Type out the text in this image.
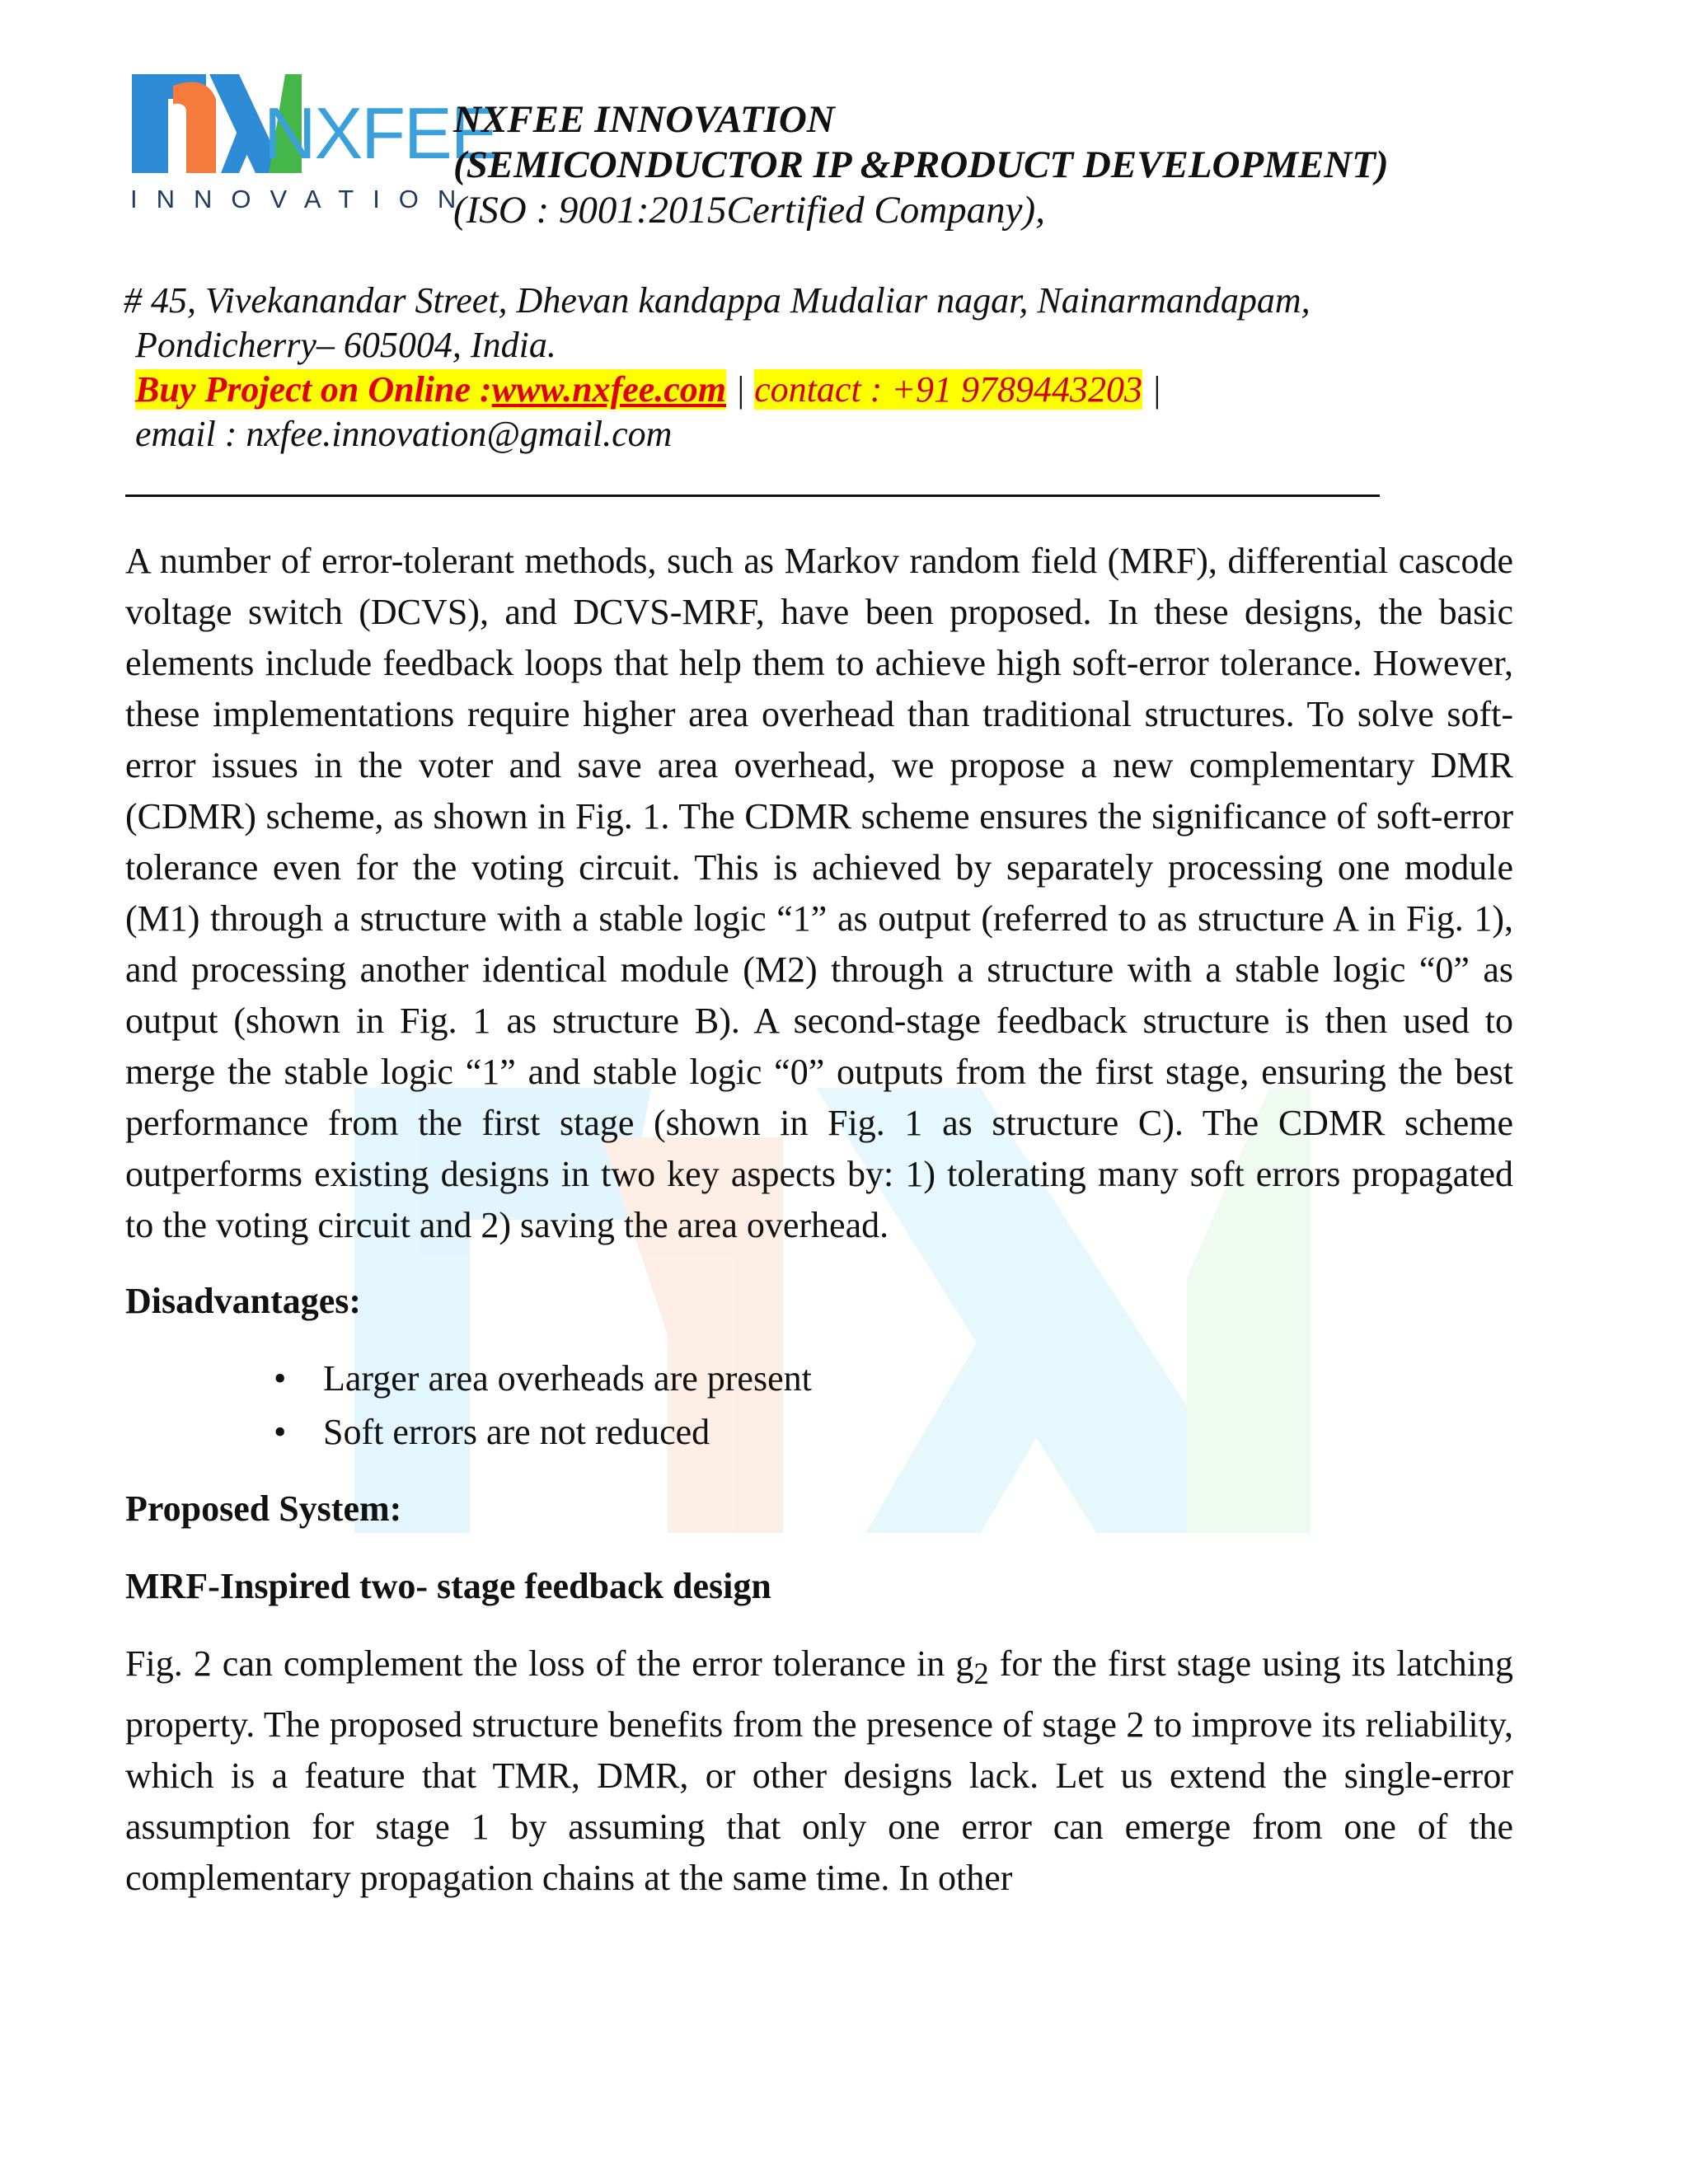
NXFEE
INNOVATION
NXFEE INNOVATION
(SEMICONDUCTOR IP &PRODUCT DEVELOPMENT)
(ISO : 9001:2015Certified Company),
# 45, Vivekanandar Street, Dhevan kandappa Mudaliar nagar, Nainarmandapam,
Pondicherry– 605004, India.
Buy Project on Online :www.nxfee.com | contact : +91 9789443203 |
email : nxfee.innovation@gmail.com

A number of error-tolerant methods, such as Markov random field (MRF), differential cascode voltage switch (DCVS), and DCVS-MRF, have been proposed. In these designs, the basic elements include feedback loops that help them to achieve high soft-error tolerance. However, these implementations require higher area overhead than traditional structures. To solve soft-error issues in the voter and save area overhead, we propose a new complementary DMR (CDMR) scheme, as shown in Fig. 1. The CDMR scheme ensures the significance of soft-error tolerance even for the voting circuit. This is achieved by separately processing one module (M1) through a structure with a stable logic “1” as output (referred to as structure A in Fig. 1), and processing another identical module (M2) through a structure with a stable logic “0” as output (shown in Fig. 1 as structure B). A second-stage feedback structure is then used to merge the stable logic “1” and stable logic “0” outputs from the first stage, ensuring the best performance from the first stage (shown in Fig. 1 as structure C). The CDMR scheme outperforms existing designs in two key aspects by: 1) tolerating many soft errors propagated to the voting circuit and 2) saving the area overhead.

Disadvantages:

• Larger area overheads are present
• Soft errors are not reduced

Proposed System:

MRF-Inspired two- stage feedback design

Fig. 2 can complement the loss of the error tolerance in $g_2$ for the first stage using its latching property. The proposed structure benefits from the presence of stage 2 to improve its reliability, which is a feature that TMR, DMR, or other designs lack. Let us extend the single-error assumption for stage 1 by assuming that only one error can emerge from one of the complementary propagation chains at the same time. In other
